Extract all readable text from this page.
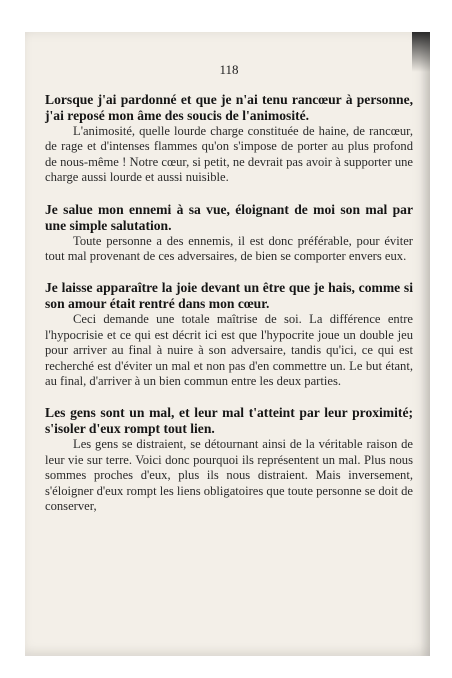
118

Lorsque j'ai pardonné et que je n'ai tenu rancœur à personne, j'ai reposé mon âme des soucis de l'animosité.

L'animosité, quelle lourde charge constituée de haine, de rancœur, de rage et d'intenses flammes qu'on s'impose de porter au plus profond de nous-même ! Notre cœur, si petit, ne devrait pas avoir à supporter une charge aussi lourde et aussi nuisible.

Je salue mon ennemi à sa vue, éloignant de moi son mal par une simple salutation.

Toute personne a des ennemis, il est donc préférable, pour éviter tout mal provenant de ces adversaires, de bien se comporter envers eux.

Je laisse apparaître la joie devant un être que je hais, comme si son amour était rentré dans mon cœur.

Ceci demande une totale maîtrise de soi. La différence entre l'hypocrisie et ce qui est décrit ici est que l'hypocrite joue un double jeu pour arriver au final à nuire à son adversaire, tandis qu'ici, ce qui est recherché est d'éviter un mal et non pas d'en commettre un. Le but étant, au final, d'arriver à un bien commun entre les deux parties.

Les gens sont un mal, et leur mal t'atteint par leur proximité; s'isoler d'eux rompt tout lien.

Les gens se distraient, se détournant ainsi de la véritable raison de leur vie sur terre. Voici donc pourquoi ils représentent un mal. Plus nous sommes proches d'eux, plus ils nous distraient. Mais inversement, s'éloigner d'eux rompt les liens obligatoires que toute personne se doit de conserver,
